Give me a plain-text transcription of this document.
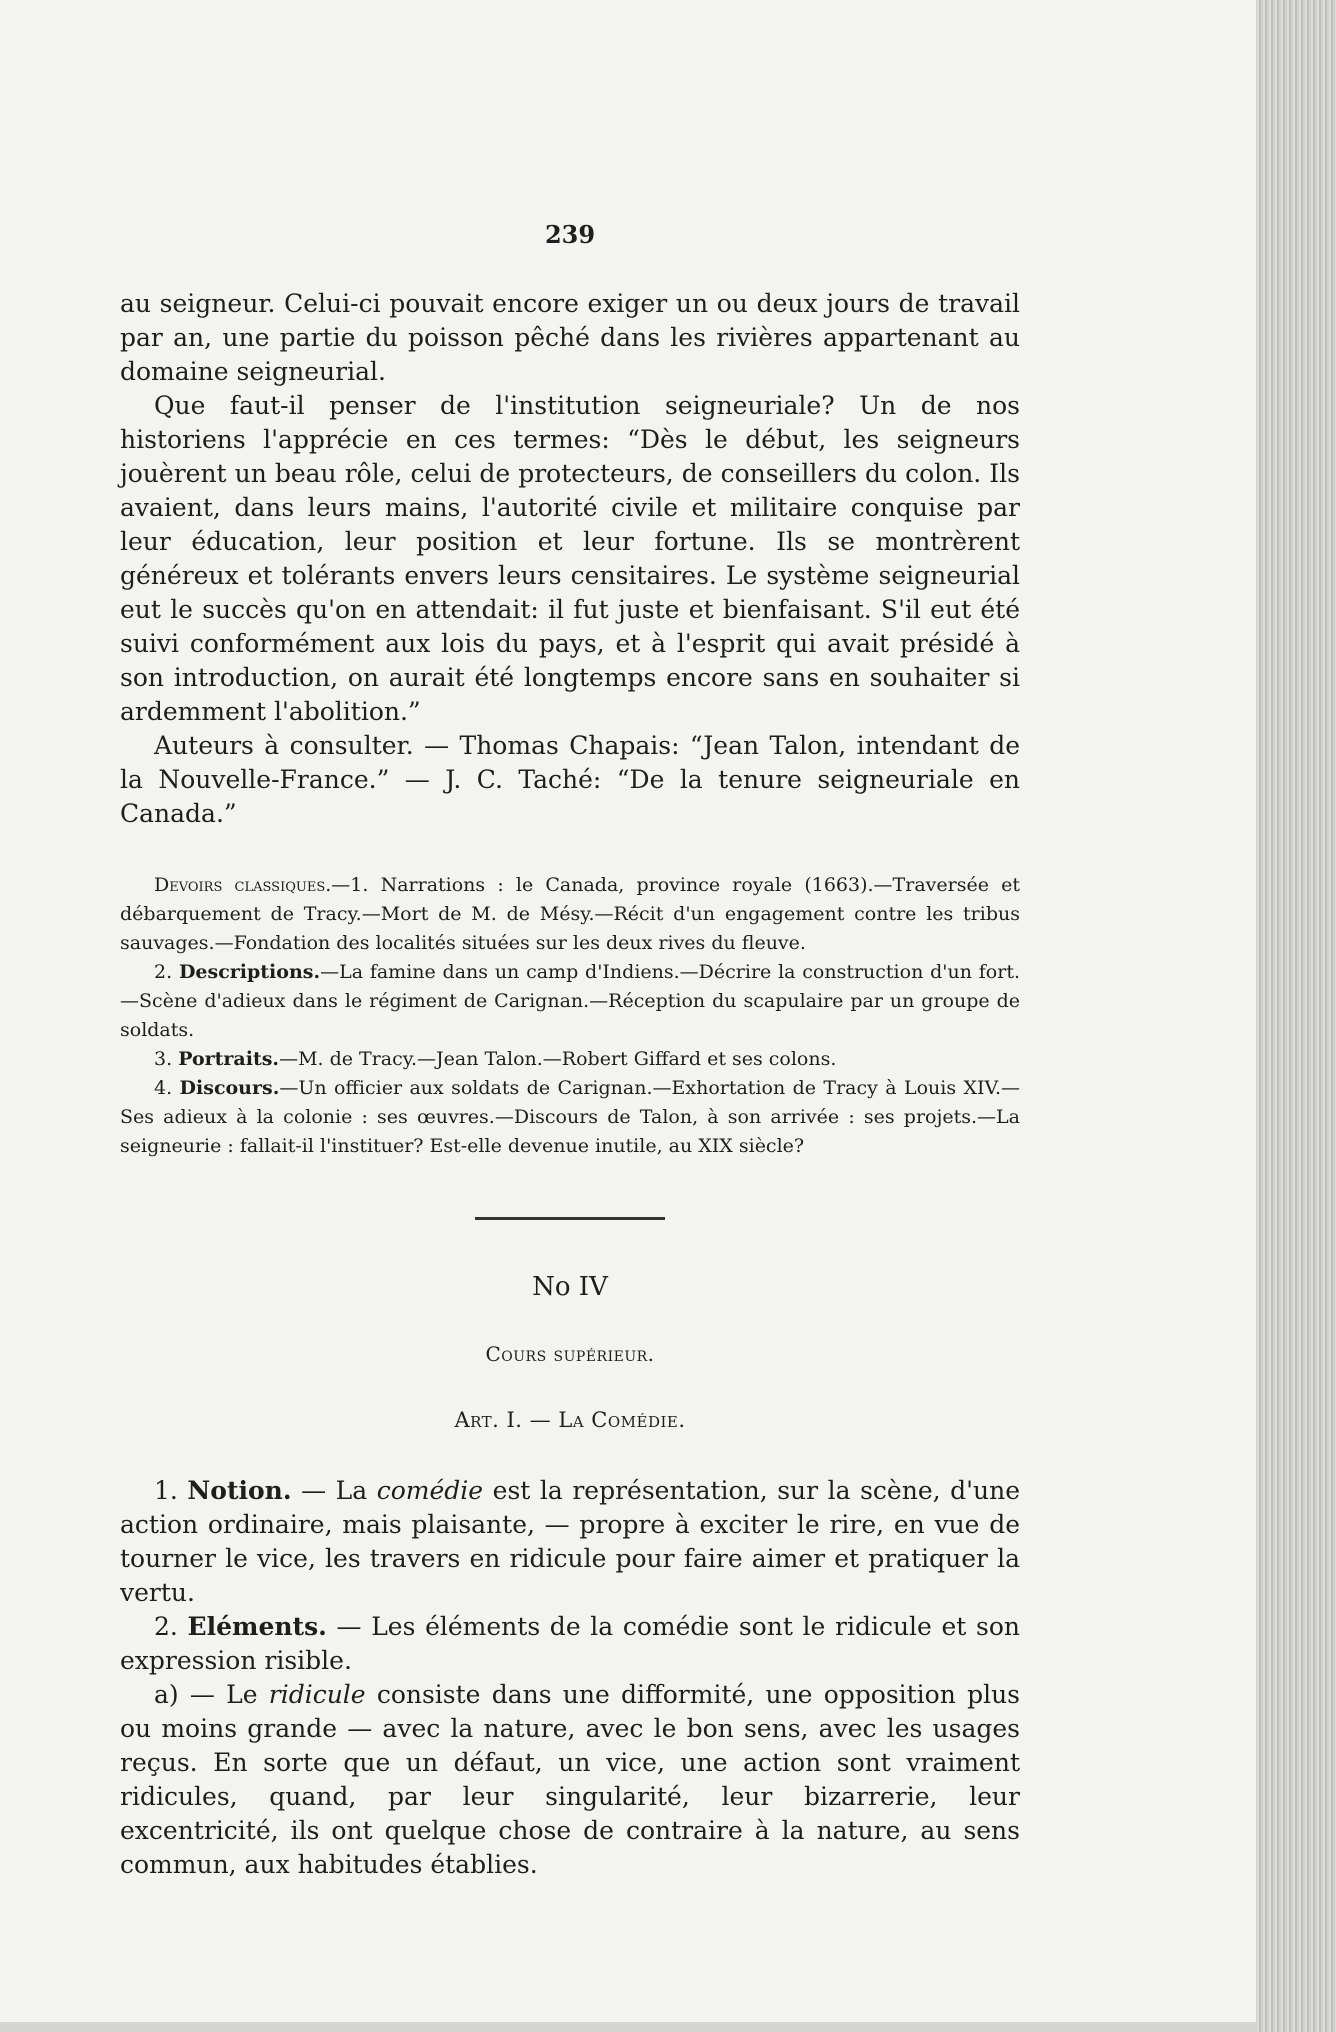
239

au seigneur. Celui-ci pouvait encore exiger un ou deux jours de travail par an, une partie du poisson pêché dans les rivières appartenant au domaine seigneurial.

Que faut-il penser de l'institution seigneuriale? Un de nos historiens l'apprécie en ces termes: “Dès le début, les seigneurs jouèrent un beau rôle, celui de protecteurs, de conseillers du colon. Ils avaient, dans leurs mains, l'autorité civile et militaire conquise par leur éducation, leur position et leur fortune. Ils se montrèrent généreux et tolérants envers leurs censitaires. Le système seigneurial eut le succès qu'on en attendait: il fut juste et bienfaisant. S'il eut été suivi conformément aux lois du pays, et à l'esprit qui avait présidé à son introduction, on aurait été longtemps encore sans en souhaiter si ardemment l'abolition.”

Auteurs à consulter. — Thomas Chapais: “Jean Talon, intendant de la Nouvelle-France.” — J. C. Taché: “De la tenure seigneuriale en Canada.”

Devoirs classiques.—1. Narrations : le Canada, province royale (1663).—Traversée et débarquement de Tracy.—Mort de M. de Mésy.—Récit d'un engagement contre les tribus sauvages.—Fondation des localités situées sur les deux rives du fleuve.

2. Descriptions.—La famine dans un camp d'Indiens.—Décrire la construction d'un fort.—Scène d'adieux dans le régiment de Carignan.—Réception du scapulaire par un groupe de soldats.

3. Portraits.—M. de Tracy.—Jean Talon.—Robert Giffard et ses colons.

4. Discours.—Un officier aux soldats de Carignan.—Exhortation de Tracy à Louis XIV.—Ses adieux à la colonie : ses œuvres.—Discours de Talon, à son arrivée : ses projets.—La seigneurie : fallait-il l'instituer? Est-elle devenue inutile, au XIX siècle?

No IV

Cours supérieur.

Art. I. — La Comédie.

1. Notion. — La comédie est la représentation, sur la scène, d'une action ordinaire, mais plaisante, — propre à exciter le rire, en vue de tourner le vice, les travers en ridicule pour faire aimer et pratiquer la vertu.

2. Eléments. — Les éléments de la comédie sont le ridicule et son expression risible.

a) — Le ridicule consiste dans une difformité, une opposition plus ou moins grande — avec la nature, avec le bon sens, avec les usages reçus. En sorte que un défaut, un vice, une action sont vraiment ridicules, quand, par leur singularité, leur bizarrerie, leur excentricité, ils ont quelque chose de contraire à la nature, au sens commun, aux habitudes établies.
